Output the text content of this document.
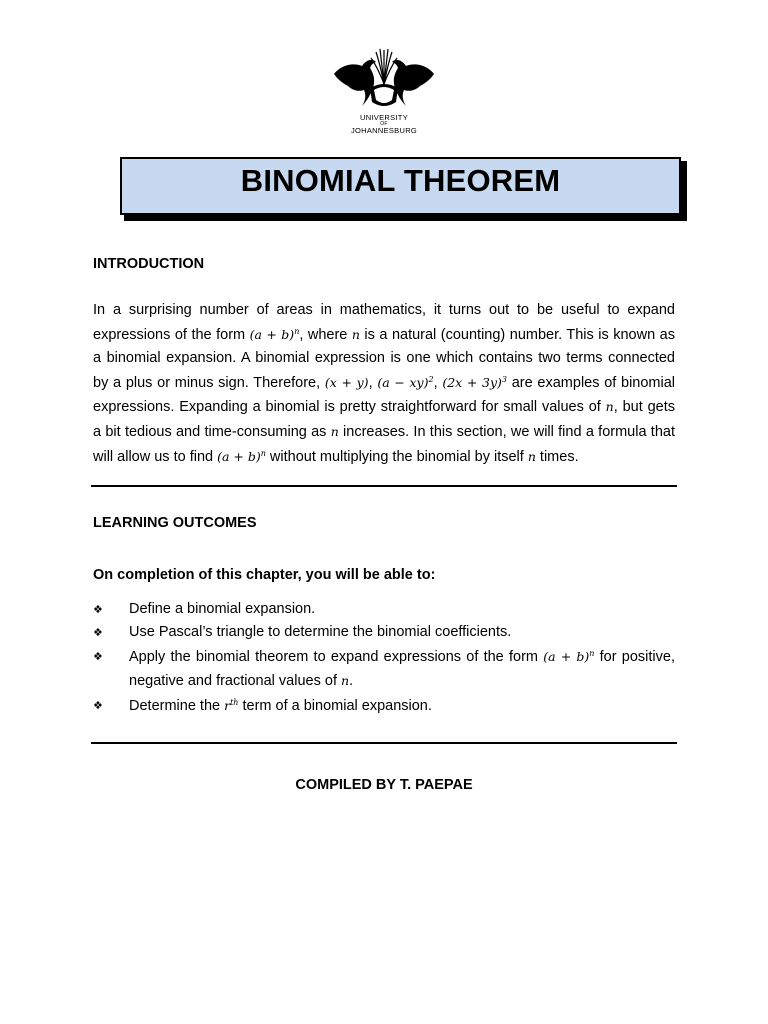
UNIVERSITY
OF
JOHANNESBURG
BINOMIAL THEOREM
INTRODUCTION
In a surprising number of areas in mathematics, it turns out to be useful to expand expressions of the form $(a + b)^n$, where n is a natural (counting) number. This is known as a binomial expansion. A binomial expression is one which contains two terms connected by a plus or minus sign. Therefore, (x + y), (a − xy)$^2$, $(2x + 3y)^3$ are examples of binomial expressions. Expanding a binomial is pretty straightforward for small values of n, but gets a bit tedious and time-consuming as n increases. In this section, we will find a formula that will allow us to find $(a + b)^n$ without multiplying the binomial by itself n times.
LEARNING OUTCOMES
On completion of this chapter, you will be able to:
❖ Define a binomial expansion.
❖ Use Pascal’s triangle to determine the binomial coefficients.
❖ Apply the binomial theorem to expand expressions of the form $(a + b)^n$ for positive, negative and fractional values of n.
❖ Determine the $r^{th}$ term of a binomial expansion.
COMPILED BY T. PAEPAE
